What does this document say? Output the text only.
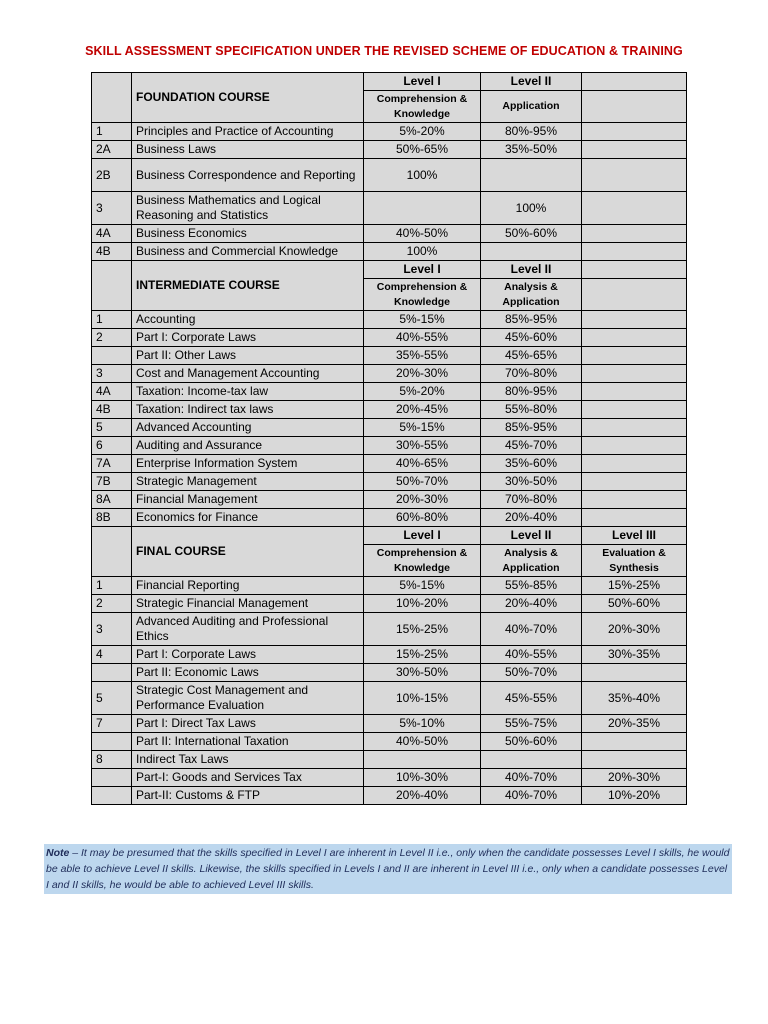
SKILL ASSESSMENT SPECIFICATION UNDER THE REVISED SCHEME OF EDUCATION & TRAINING
	FOUNDATION COURSE	Level I	Level II	
		Comprehension & Knowledge	Application	
1	Principles and Practice of Accounting	5%-20%	80%-95%	
2A	Business Laws	50%-65%	35%-50%	
2B	Business Correspondence and Reporting	100%		
3	Business Mathematics and Logical Reasoning and Statistics		100%	
4A	Business Economics	40%-50%	50%-60%	
4B	Business and Commercial Knowledge	100%		
	INTERMEDIATE COURSE	Level I	Level II	
		Comprehension & Knowledge	Analysis & Application	
1	Accounting	5%-15%	85%-95%	
2	Part I: Corporate Laws	40%-55%	45%-60%	
	Part II: Other Laws	35%-55%	45%-65%	
3	Cost and Management Accounting	20%-30%	70%-80%	
4A	Taxation: Income-tax law	5%-20%	80%-95%	
4B	Taxation: Indirect tax laws	20%-45%	55%-80%	
5	Advanced Accounting	5%-15%	85%-95%	
6	Auditing and Assurance	30%-55%	45%-70%	
7A	Enterprise Information System	40%-65%	35%-60%	
7B	Strategic Management	50%-70%	30%-50%	
8A	Financial Management	20%-30%	70%-80%	
8B	Economics for Finance	60%-80%	20%-40%	
	FINAL COURSE	Level I	Level II	Level III
		Comprehension & Knowledge	Analysis & Application	Evaluation & Synthesis
1	Financial Reporting	5%-15%	55%-85%	15%-25%
2	Strategic Financial Management	10%-20%	20%-40%	50%-60%
3	Advanced Auditing and Professional Ethics	15%-25%	40%-70%	20%-30%
4	Part I: Corporate Laws	15%-25%	40%-55%	30%-35%
	Part II: Economic Laws	30%-50%	50%-70%	
5	Strategic Cost Management and Performance Evaluation	10%-15%	45%-55%	35%-40%
7	Part I: Direct Tax Laws	5%-10%	55%-75%	20%-35%
	Part II: International Taxation	40%-50%	50%-60%	
8	Indirect Tax Laws			
	Part-I: Goods and Services Tax	10%-30%	40%-70%	20%-30%
	Part-II: Customs & FTP	20%-40%	40%-70%	10%-20%
Note – It may be presumed that the skills specified in Level I are inherent in Level II i.e., only when the candidate possesses Level I skills, he would be able to achieve Level II skills. Likewise, the skills specified in Levels I and II are inherent in Level III i.e., only when a candidate possesses Level I and II skills, he would be able to achieved Level III skills.
